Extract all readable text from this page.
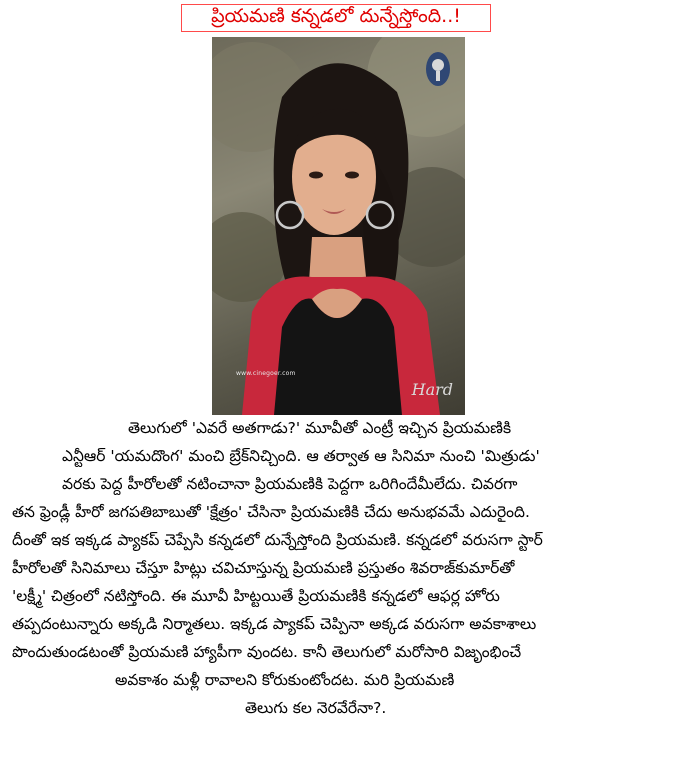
ప్రియమణి కన్నడలో దున్నేస్తోంది..!
www.cinegoer.com
Hard
తెలుగులో 'ఎవరే అతగాడు?' మూవీతో ఎంట్రీ ఇచ్చిన ప్రియమణికి
ఎన్టీఆర్ 'యమదొంగ' మంచి బ్రేక్‌నిచ్చింది. ఆ తర్వాత ఆ సినిమా నుంచి 'మిత్రుడు'
వరకు పెద్ద హీరోలతో నటించానా ప్రియమణికి పెద్దగా ఒరిగిందేమీలేదు. చివరగా
తన ఫ్రెండ్లీ హీరో జగపతిబాబుతో 'క్షేత్రం' చేసినా ప్రియమణికి చేదు అనుభవమే ఎదురైంది.
దీంతో ఇక ఇక్కడ ప్యాకప్ చెప్పేసి కన్నడలో దున్నేస్తోంది ప్రియమణి. కన్నడలో వరుసగా స్టార్
హీరోలతో సినిమాలు చేస్తూ హిట్లు చవిచూస్తున్న ప్రియమణి ప్రస్తుతం శివరాజ్‌కుమార్‌తో
'లక్ష్మీ' చిత్రంలో నటిస్తోంది. ఈ మూవీ హిట్టయితే ప్రియమణికి కన్నడలో ఆఫర్ల హోరు
తప్పదంటున్నారు అక్కడి నిర్మాతలు. ఇక్కడ ప్యాకప్ చెప్పినా అక్కడ వరుసగా అవకాశాలు
పొందుతుండటంతో ప్రియమణి హ్యాపీగా వుందట. కానీ తెలుగులో మరోసారి విజృంభించే
అవకాశం మళ్లీ రావాలని కోరుకుంటోందట. మరి ప్రియమణి
తెలుగు కల నెరవేరేనా?.
